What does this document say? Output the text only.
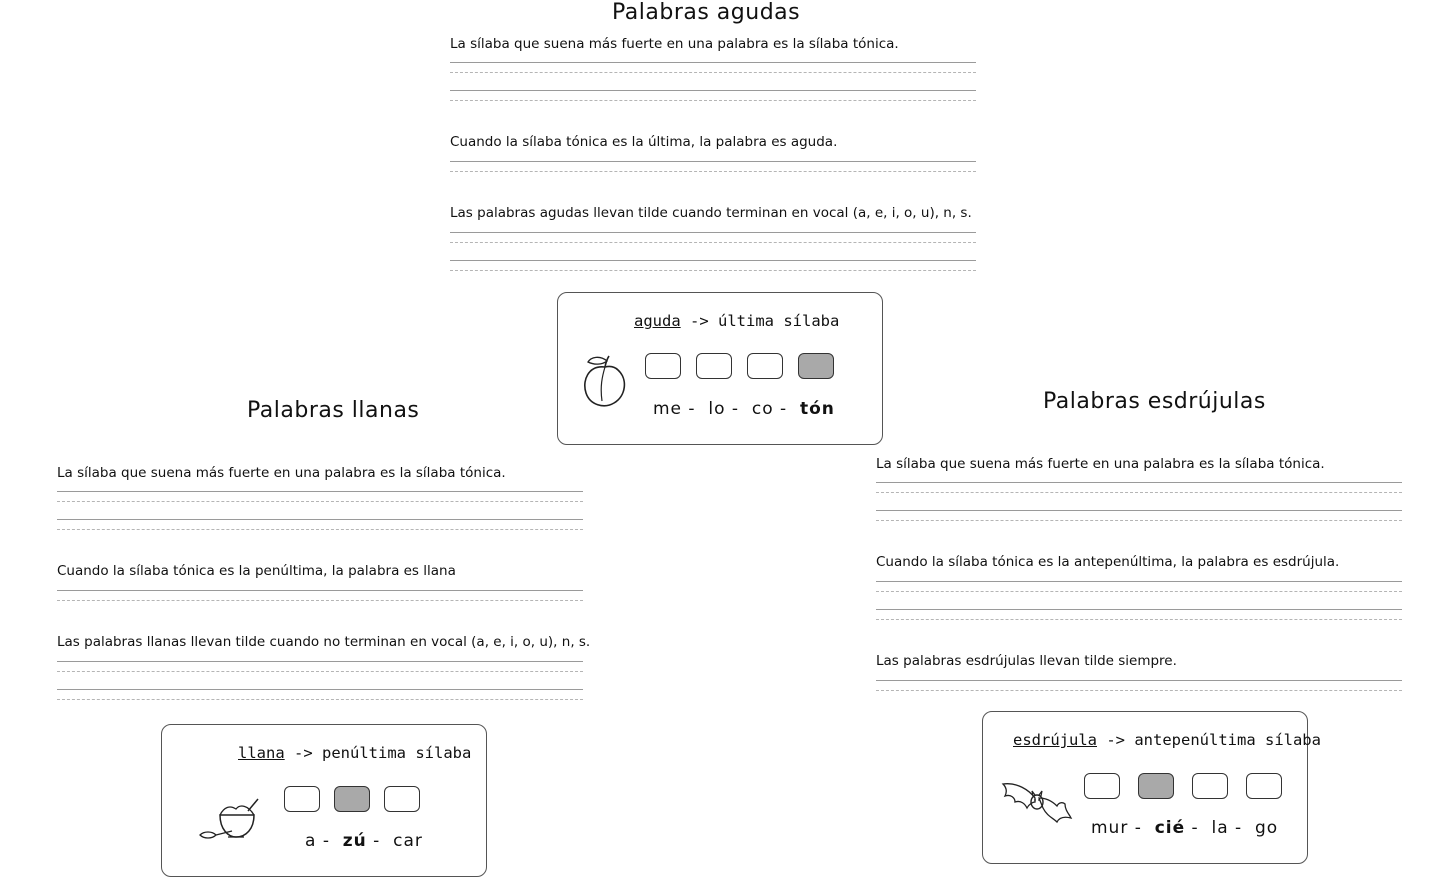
Palabras agudas
La sílaba que suena más fuerte en una palabra es la sílaba tónica.
Cuando la sílaba tónica es la última, la palabra es aguda.
Las palabras agudas llevan tilde cuando terminan en vocal (a, e, i, o, u), n, s.
aguda -> última sílaba
me -  lo -  co -  tón
Palabras llanas
La sílaba que suena más fuerte en una palabra es la sílaba tónica.
Cuando la sílaba tónica es la penúltima, la palabra es llana
Las palabras llanas llevan tilde cuando no terminan en vocal (a, e, i, o, u), n, s.
llana -> penúltima sílaba
a -  zú -  car
Palabras esdrújulas
La sílaba que suena más fuerte en una palabra es la sílaba tónica.
Cuando la sílaba tónica es la antepenúltima, la palabra es esdrújula.
Las palabras esdrújulas llevan tilde siempre.
esdrújula -> antepenúltima sílaba
mur -  cié -  la -  go
